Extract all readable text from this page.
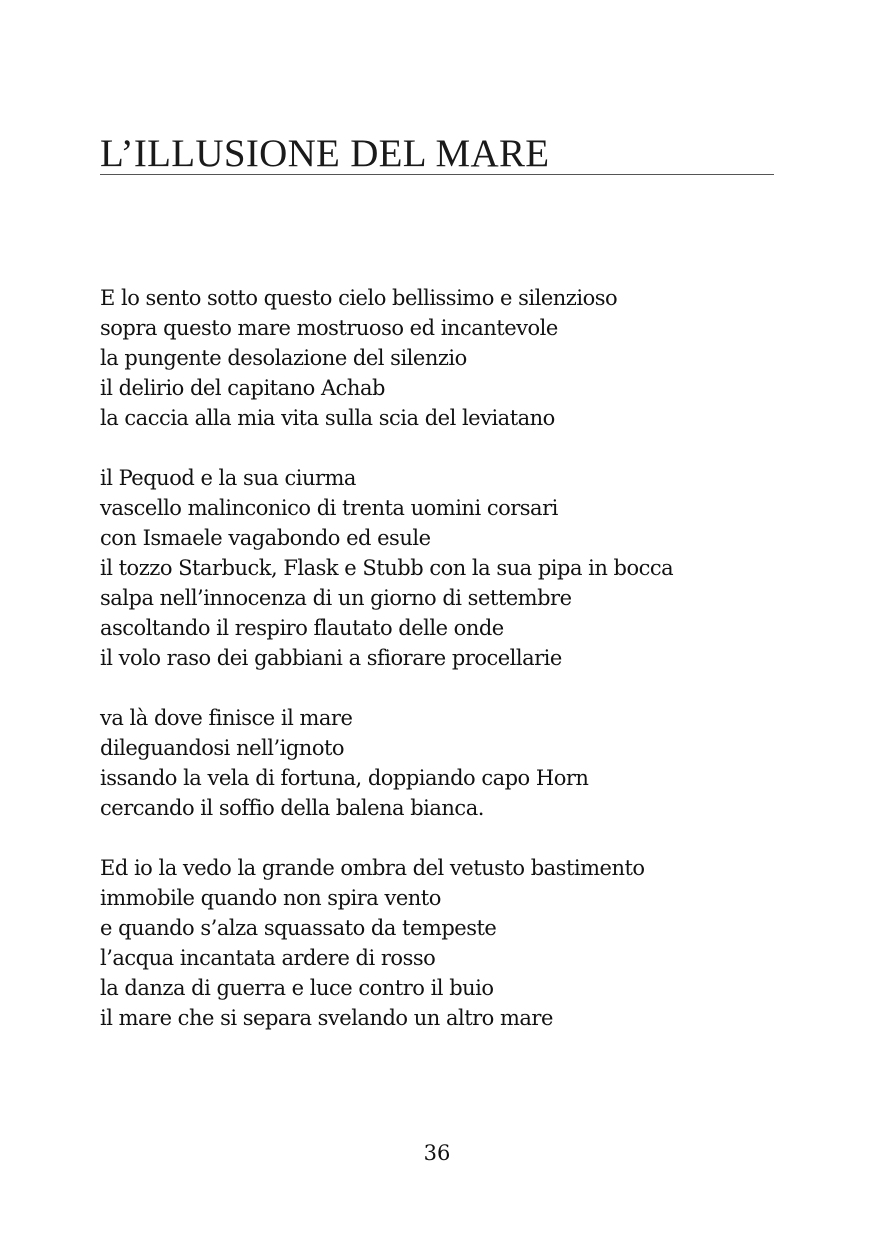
L’ILLUSIONE DEL MARE
E lo sento sotto questo cielo bellissimo e silenzioso
sopra questo mare mostruoso ed incantevole
la pungente desolazione del silenzio
il delirio del capitano Achab
la caccia alla mia vita sulla scia del leviatano
il Pequod e la sua ciurma
vascello malinconico di trenta uomini corsari
con Ismaele vagabondo ed esule
il tozzo Starbuck, Flask e Stubb con la sua pipa in bocca
salpa nell’innocenza di un giorno di settembre
ascoltando il respiro flautato delle onde
il volo raso dei gabbiani a sfiorare procellarie
va là dove finisce il mare
dileguandosi nell’ignoto
issando la vela di fortuna, doppiando capo Horn
cercando il soffio della balena bianca.
Ed io la vedo la grande ombra del vetusto bastimento
immobile quando non spira vento
e quando s’alza squassato da tempeste
l’acqua incantata ardere di rosso
la danza di guerra e luce contro il buio
il mare che si separa svelando un altro mare
36
